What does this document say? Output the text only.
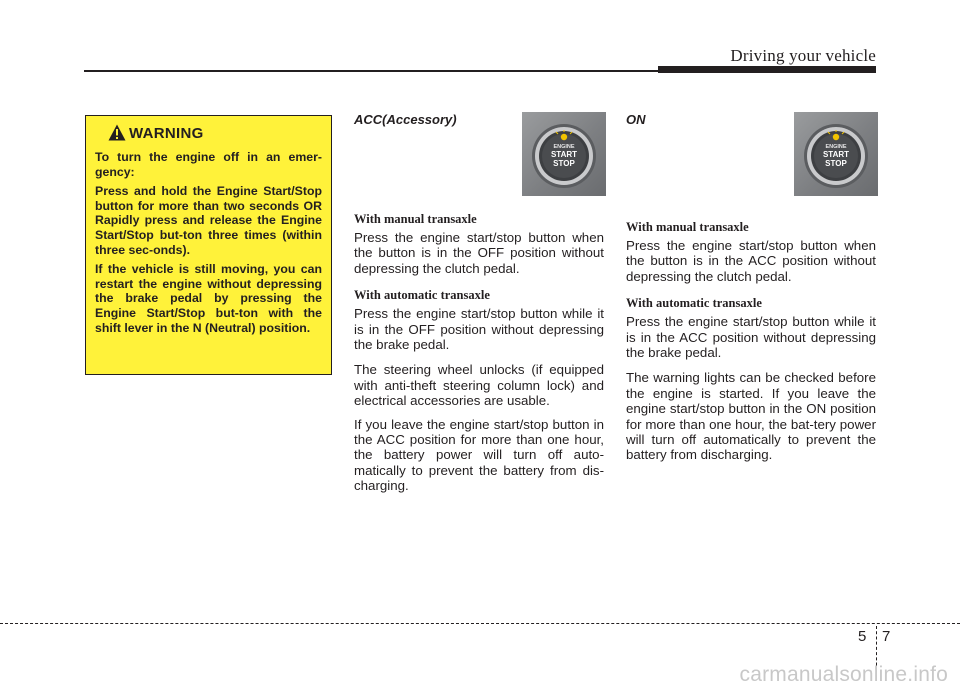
Driving your vehicle
WARNING

To turn the engine off in an emer-gency:

Press and hold the Engine Start/Stop button for more than two seconds OR Rapidly press and release the Engine Start/Stop but-ton three times (within three sec-onds).

If the vehicle is still moving, you can restart the engine without depressing the brake pedal by pressing the Engine Start/Stop but-ton with the shift lever in the N (Neutral) position.

ACC(Accessory)
ENGINE
START
STOP
With manual transaxle

Press the engine start/stop button when the button is in the OFF position without depressing the clutch pedal.

With automatic transaxle

Press the engine start/stop button while it is in the OFF position without depressing the brake pedal.

The steering wheel unlocks (if equipped with anti-theft steering column lock) and electrical accessories are usable.

If you leave the engine start/stop button in the ACC position for more than one hour, the battery power will turn off auto-matically to prevent the battery from dis-charging.

ON
ENGINE
START
STOP
With manual transaxle

Press the engine start/stop button when the button is in the ACC position without depressing the clutch pedal.

With automatic transaxle

Press the engine start/stop button while it is in the ACC position without depressing the brake pedal.

The warning lights can be checked before the engine is started. If you leave the engine start/stop button in the ON position for more than one hour, the bat-tery power will turn off automatically to prevent the battery from discharging.

5 7
carmanualsonline.info
